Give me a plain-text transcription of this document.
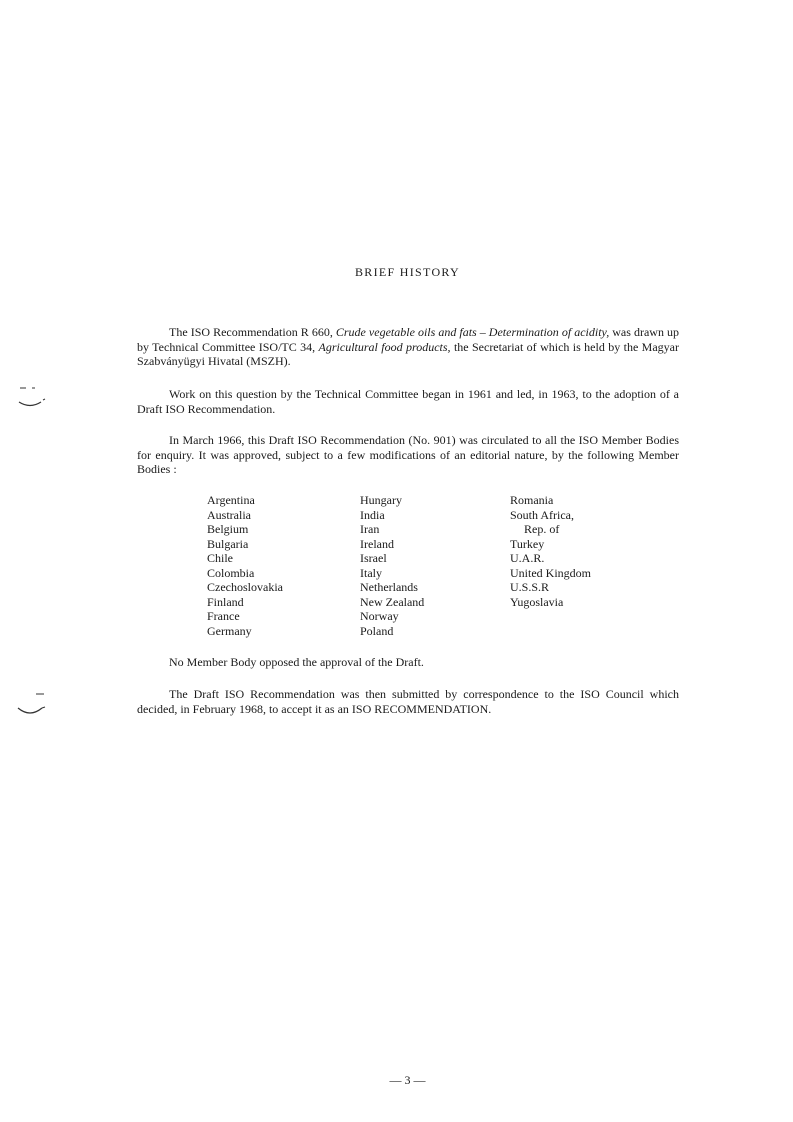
BRIEF HISTORY
The ISO Recommendation R 660, Crude vegetable oils and fats – Determination of acidity, was drawn up by Technical Committee ISO/TC 34, Agricultural food products, the Secretariat of which is held by the Magyar Szabványügyi Hivatal (MSZH).
Work on this question by the Technical Committee began in 1961 and led, in 1963, to the adoption of a Draft ISO Recommendation.
In March 1966, this Draft ISO Recommendation (No. 901) was circulated to all the ISO Member Bodies for enquiry. It was approved, subject to a few modifications of an editorial nature, by the following Member Bodies :
Argentina
Australia
Belgium
Bulgaria
Chile
Colombia
Czechoslovakia
Finland
France
Germany
Hungary
India
Iran
Ireland
Israel
Italy
Netherlands
New Zealand
Norway
Poland
Romania
South Africa,
Rep. of
Turkey
U.A.R.
United Kingdom
U.S.S.R
Yugoslavia
No Member Body opposed the approval of the Draft.
The Draft ISO Recommendation was then submitted by correspondence to the ISO Council which decided, in February 1968, to accept it as an ISO RECOMMENDATION.
— 3 —
